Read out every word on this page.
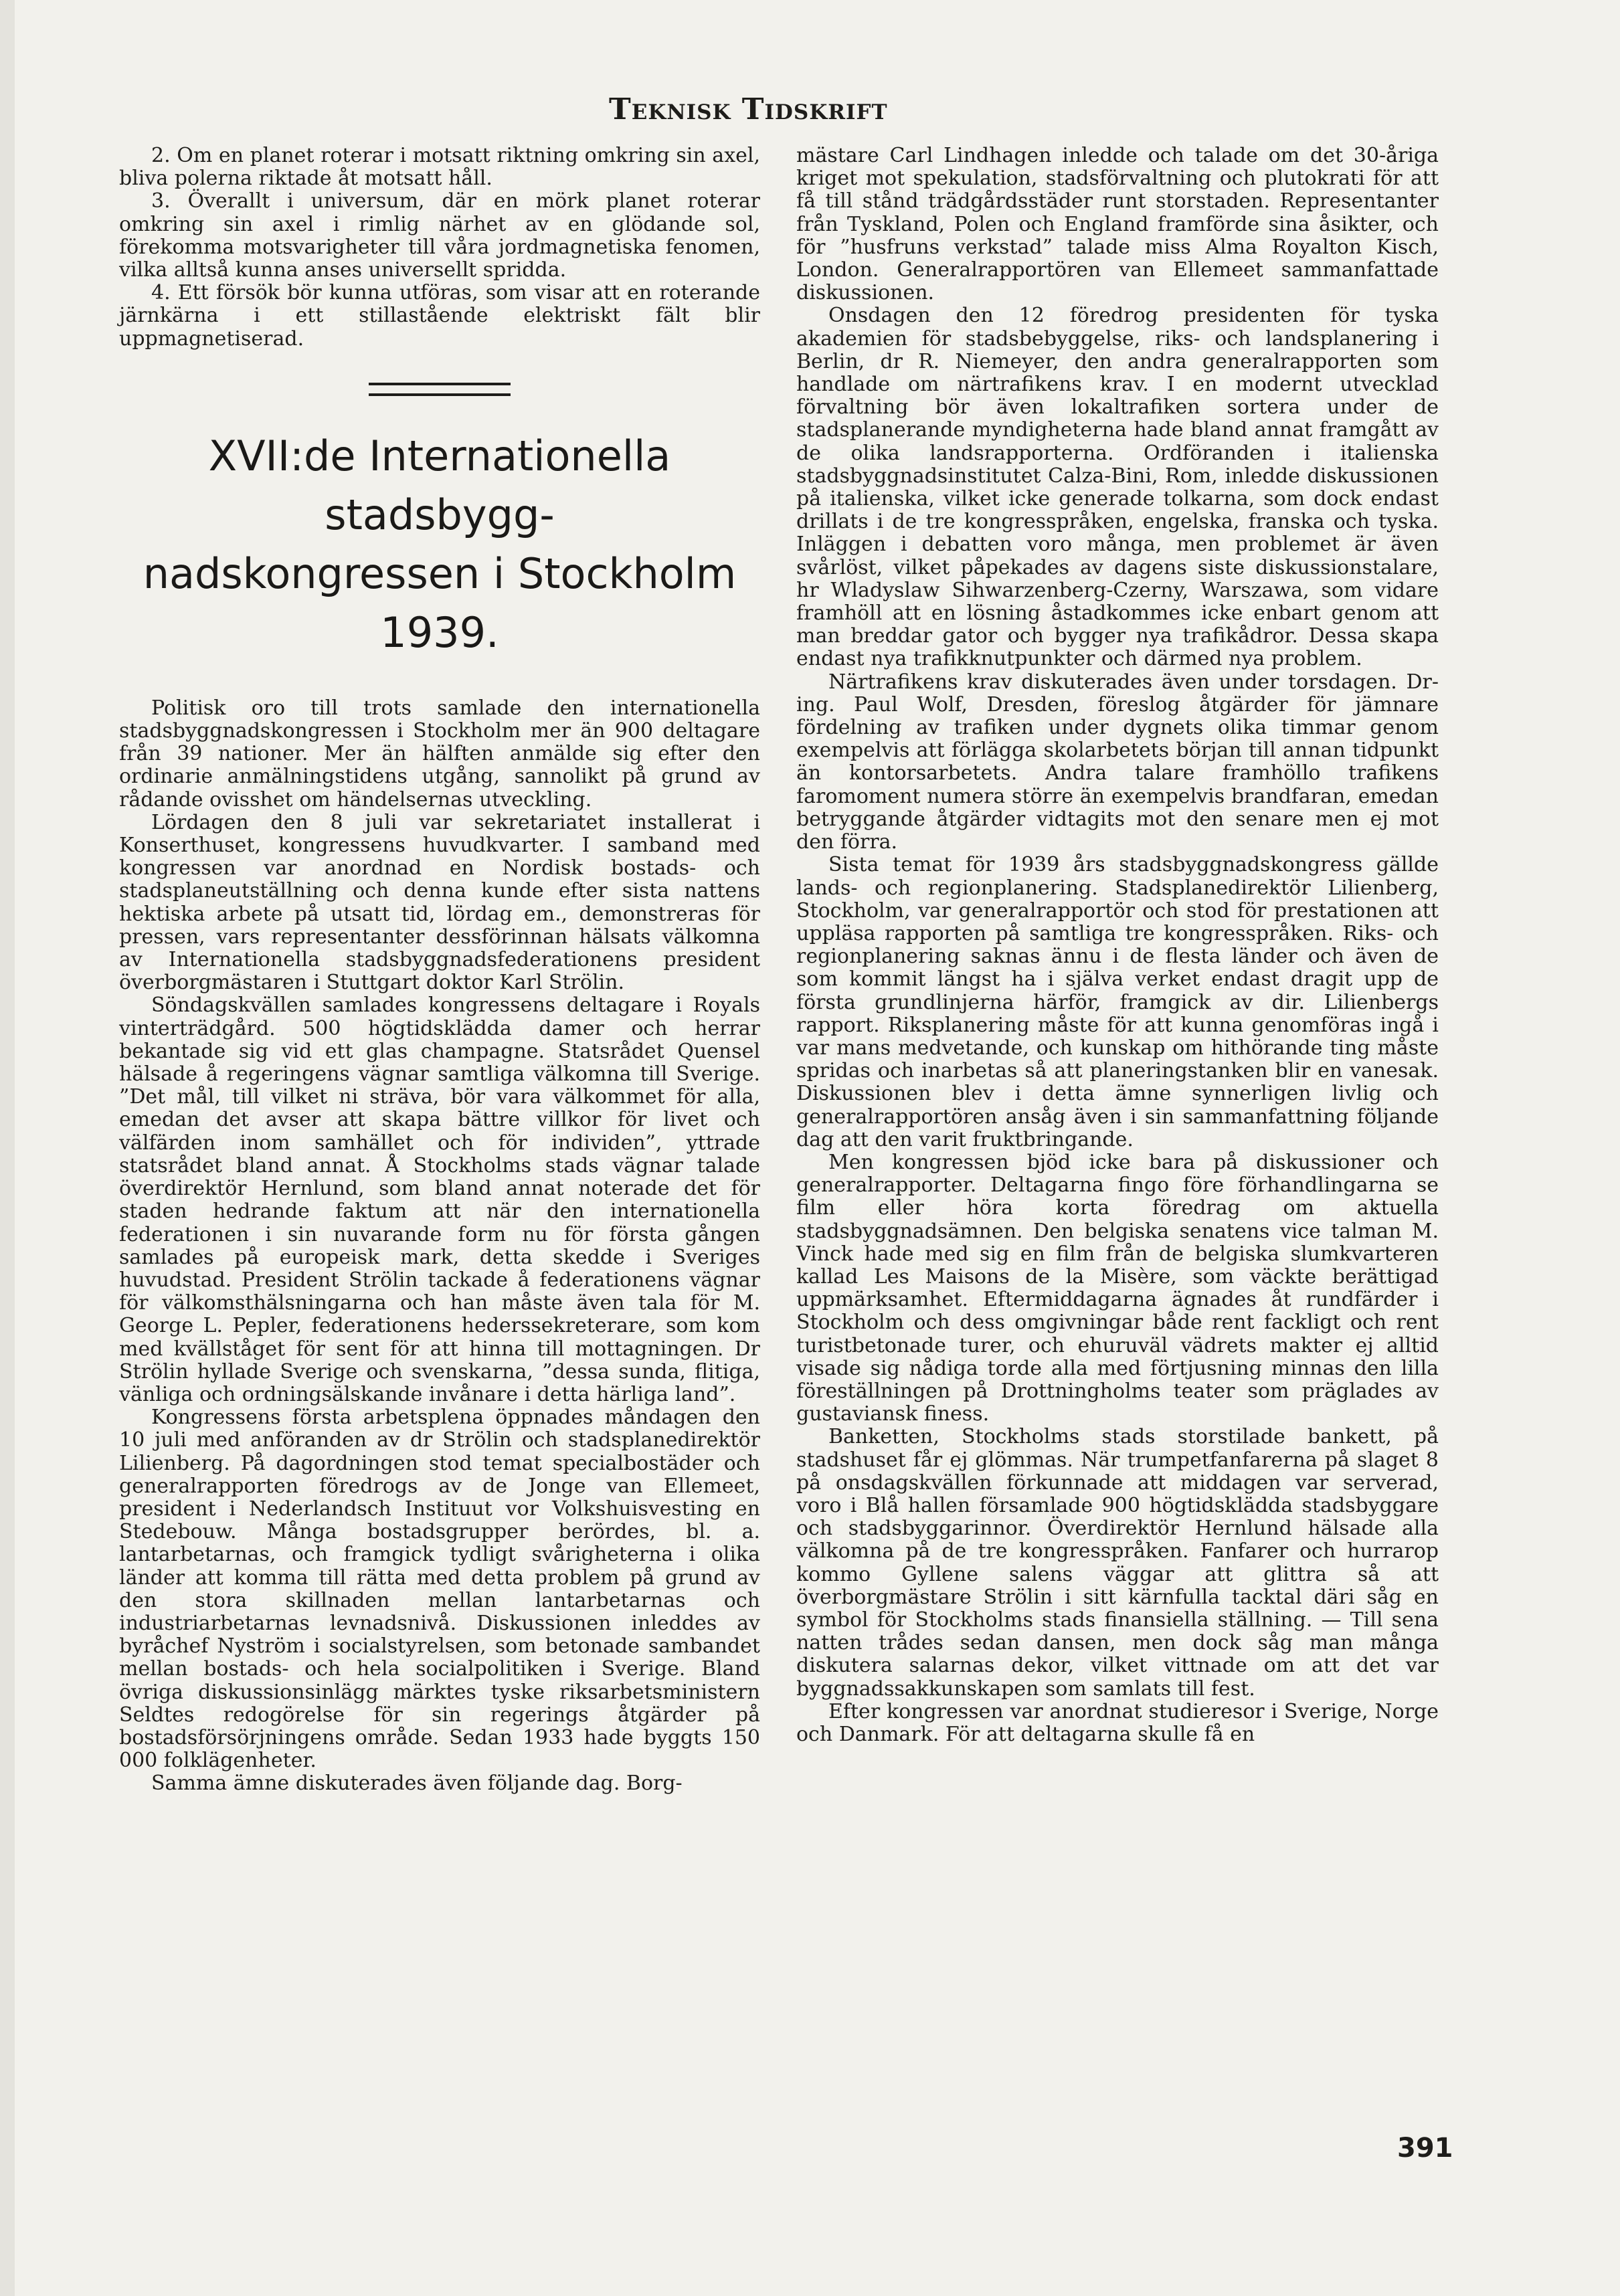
Teknisk Tidskrift

2. Om en planet roterar i motsatt riktning omkring sin axel, bliva polerna riktade åt motsatt håll.

3. Överallt i universum, där en mörk planet roterar omkring sin axel i rimlig närhet av en glödande sol, förekomma motsvarigheter till våra jordmagnetiska fenomen, vilka alltså kunna anses universellt spridda.

4. Ett försök bör kunna utföras, som visar att en roterande järnkärna i ett stillastående elektriskt fält blir uppmagnetiserad.

XVII:de Internationella stadsbygg-
nadskongressen i Stockholm
1939.

Politisk oro till trots samlade den internationella stadsbyggnadskongressen i Stockholm mer än 900 deltagare från 39 nationer. Mer än hälften anmälde sig efter den ordinarie anmälningstidens utgång, sannolikt på grund av rådande ovisshet om händelsernas utveckling.

Lördagen den 8 juli var sekretariatet installerat i Konserthuset, kongressens huvudkvarter. I samband med kongressen var anordnad en Nordisk bostads- och stadsplaneutställning och denna kunde efter sista nattens hektiska arbete på utsatt tid, lördag em., demonstreras för pressen, vars representanter dessförinnan hälsats välkomna av Internationella stadsbyggnadsfederationens president överborgmästaren i Stuttgart doktor Karl Strölin.

Söndagskvällen samlades kongressens deltagare i Royals vinterträdgård. 500 högtidsklädda damer och herrar bekantade sig vid ett glas champagne. Statsrådet Quensel hälsade å regeringens vägnar samtliga välkomna till Sverige. ”Det mål, till vilket ni sträva, bör vara välkommet för alla, emedan det avser att skapa bättre villkor för livet och välfärden inom samhället och för individen”, yttrade statsrådet bland annat. Å Stockholms stads vägnar talade överdirektör Hernlund, som bland annat noterade det för staden hedrande faktum att när den internationella federationen i sin nuvarande form nu för första gången samlades på europeisk mark, detta skedde i Sveriges huvudstad. President Strölin tackade å federationens vägnar för välkomsthälsningarna och han måste även tala för M. George L. Pepler, federationens hederssekreterare, som kom med kvällståget för sent för att hinna till mottagningen. Dr Strölin hyllade Sverige och svenskarna, ”dessa sunda, flitiga, vänliga och ordningsälskande invånare i detta härliga land”.

Kongressens första arbetsplena öppnades måndagen den 10 juli med anföranden av dr Strölin och stadsplanedirektör Lilienberg. På dagordningen stod temat specialbostäder och generalrapporten föredrogs av de Jonge van Ellemeet, president i Nederlandsch Instituut vor Volkshuisvesting en Stedebouw. Många bostadsgrupper berördes, bl. a. lantarbetarnas, och framgick tydligt svårigheterna i olika länder att komma till rätta med detta problem på grund av den stora skillnaden mellan lantarbetarnas och industriarbetarnas levnadsnivå. Diskussionen inleddes av byråchef Nyström i socialstyrelsen, som betonade sambandet mellan bostads- och hela socialpolitiken i Sverige. Bland övriga diskussionsinlägg märktes tyske riksarbetsministern Seldtes redogörelse för sin regerings åtgärder på bostadsförsörjningens område. Sedan 1933 hade byggts 150 000 folklägenheter.

Samma ämne diskuterades även följande dag. Borg-

mästare Carl Lindhagen inledde och talade om det 30-åriga kriget mot spekulation, stadsförvaltning och plutokrati för att få till stånd trädgårdsstäder runt storstaden. Representanter från Tyskland, Polen och England framförde sina åsikter, och för ”husfruns verkstad” talade miss Alma Royalton Kisch, London. Generalrapportören van Ellemeet sammanfattade diskussionen.

Onsdagen den 12 föredrog presidenten för tyska akademien för stadsbebyggelse, riks- och landsplanering i Berlin, dr R. Niemeyer, den andra generalrapporten som handlade om närtrafikens krav. I en modernt utvecklad förvaltning bör även lokaltrafiken sortera under de stadsplanerande myndigheterna hade bland annat framgått av de olika landsrapporterna. Ordföranden i italienska stadsbyggnadsinstitutet Calza-Bini, Rom, inledde diskussionen på italienska, vilket icke generade tolkarna, som dock endast drillats i de tre kongresspråken, engelska, franska och tyska. Inläggen i debatten voro många, men problemet är även svårlöst, vilket påpekades av dagens siste diskussionstalare, hr Wladyslaw Sihwarzenberg-Czerny, Warszawa, som vidare framhöll att en lösning åstadkommes icke enbart genom att man breddar gator och bygger nya trafikådror. Dessa skapa endast nya trafikknutpunkter och därmed nya problem.

Närtrafikens krav diskuterades även under torsdagen. Dr-ing. Paul Wolf, Dresden, föreslog åtgärder för jämnare fördelning av trafiken under dygnets olika timmar genom exempelvis att förlägga skolarbetets början till annan tidpunkt än kontorsarbetets. Andra talare framhöllo trafikens faromoment numera större än exempelvis brandfaran, emedan betryggande åtgärder vidtagits mot den senare men ej mot den förra.

Sista temat för 1939 års stadsbyggnadskongress gällde lands- och regionplanering. Stadsplanedirektör Lilienberg, Stockholm, var generalrapportör och stod för prestationen att uppläsa rapporten på samtliga tre kongresspråken. Riks- och regionplanering saknas ännu i de flesta länder och även de som kommit längst ha i själva verket endast dragit upp de första grundlinjerna härför, framgick av dir. Lilienbergs rapport. Riksplanering måste för att kunna genomföras ingå i var mans medvetande, och kunskap om hithörande ting måste spridas och inarbetas så att planeringstanken blir en vanesak. Diskussionen blev i detta ämne synnerligen livlig och generalrapportören ansåg även i sin sammanfattning följande dag att den varit fruktbringande.

Men kongressen bjöd icke bara på diskussioner och generalrapporter. Deltagarna fingo före förhandlingarna se film eller höra korta föredrag om aktuella stadsbyggnadsämnen. Den belgiska senatens vice talman M. Vinck hade med sig en film från de belgiska slumkvarteren kallad Les Maisons de la Misère, som väckte berättigad uppmärksamhet. Eftermiddagarna ägnades åt rundfärder i Stockholm och dess omgivningar både rent fackligt och rent turistbetonade turer, och ehuruväl vädrets makter ej alltid visade sig nådiga torde alla med förtjusning minnas den lilla föreställningen på Drottningholms teater som präglades av gustaviansk finess.

Banketten, Stockholms stads storstilade bankett, på stadshuset får ej glömmas. När trumpetfanfarerna på slaget 8 på onsdagskvällen förkunnade att middagen var serverad, voro i Blå hallen församlade 900 högtidsklädda stadsbyggare och stadsbyggarinnor. Överdirektör Hernlund hälsade alla välkomna på de tre kongresspråken. Fanfarer och hurrarop kommo Gyllene salens väggar att glittra så att överborgmästare Strölin i sitt kärnfulla tacktal däri såg en symbol för Stockholms stads finansiella ställning. — Till sena natten trådes sedan dansen, men dock såg man många diskutera salarnas dekor, vilket vittnade om att det var byggnadssakkunskapen som samlats till fest.

Efter kongressen var anordnat studieresor i Sverige, Norge och Danmark. För att deltagarna skulle få en

391
